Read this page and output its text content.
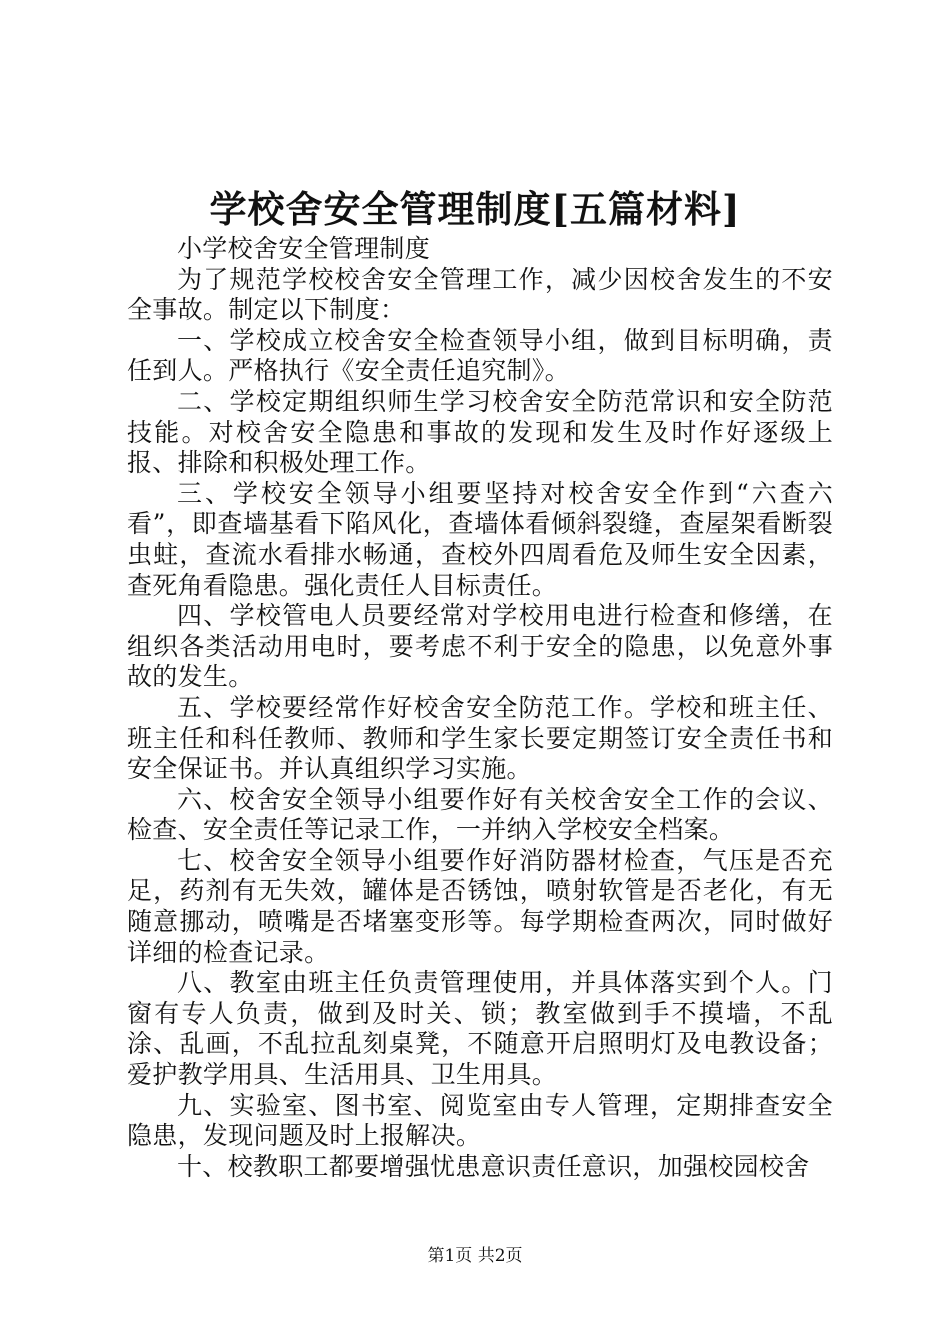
学校舍安全管理制度[五篇材料]

小学校舍安全管理制度

为了规范学校校舍安全管理工作，减少因校舍发生的不安全事故。制定以下制度：

一、学校成立校舍安全检查领导小组，做到目标明确，责任到人。严格执行《安全责任追究制》。

二、学校定期组织师生学习校舍安全防范常识和安全防范技能。对校舍安全隐患和事故的发现和发生及时作好逐级上报、排除和积极处理工作。

三、学校安全领导小组要坚持对校舍安全作到“六查六看”，即查墙基看下陷风化，查墙体看倾斜裂缝，查屋架看断裂虫蛀，查流水看排水畅通，查校外四周看危及师生安全因素，查死角看隐患。强化责任人目标责任。

四、学校管电人员要经常对学校用电进行检查和修缮，在组织各类活动用电时，要考虑不利于安全的隐患，以免意外事故的发生。

五、学校要经常作好校舍安全防范工作。学校和班主任、班主任和科任教师、教师和学生家长要定期签订安全责任书和安全保证书。并认真组织学习实施。

六、校舍安全领导小组要作好有关校舍安全工作的会议、检查、安全责任等记录工作，一并纳入学校安全档案。

七、校舍安全领导小组要作好消防器材检查，气压是否充足，药剂有无失效，罐体是否锈蚀，喷射软管是否老化，有无随意挪动，喷嘴是否堵塞变形等。每学期检查两次，同时做好详细的检查记录。

八、教室由班主任负责管理使用，并具体落实到个人。门窗有专人负责，做到及时关、锁；教室做到手不摸墙，不乱涂、乱画，不乱拉乱刻桌凳，不随意开启照明灯及电教设备；爱护教学用具、生活用具、卫生用具。

九、实验室、图书室、阅览室由专人管理，定期排查安全隐患，发现问题及时上报解决。

十、校教职工都要增强忧患意识责任意识，加强校园校舍

第1页 共2页
